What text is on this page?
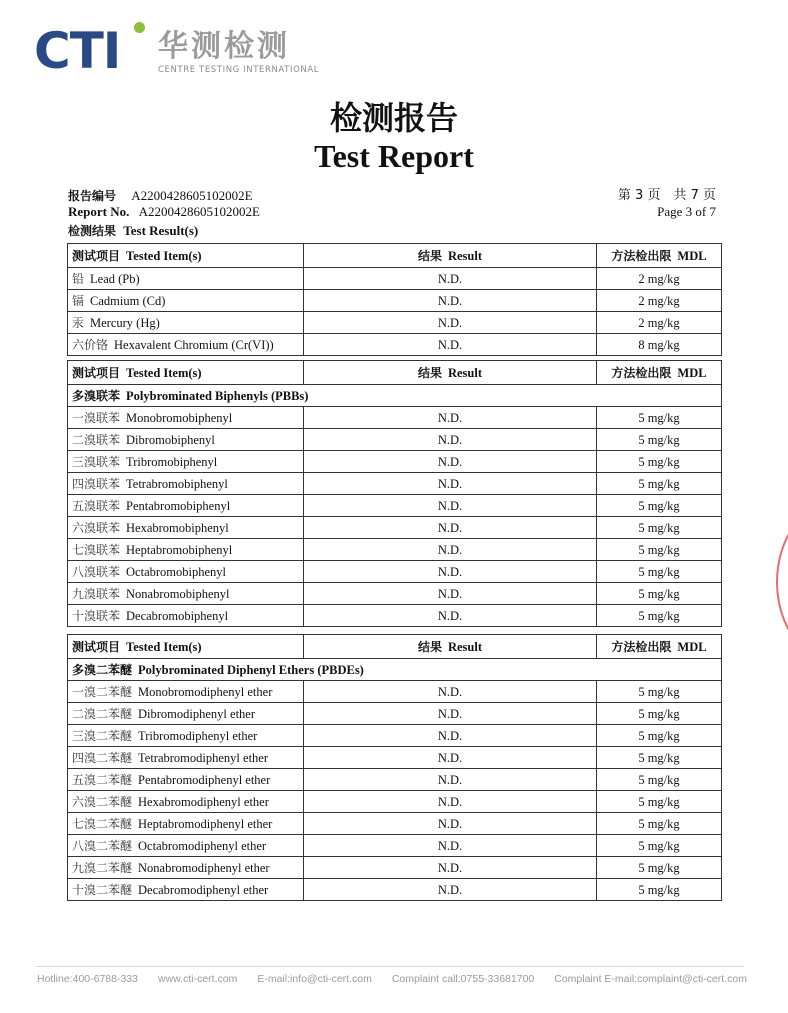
CTI 华测检测
CENTRE TESTING INTERNATIONAL
检测报告
Test Report
报告编号 A2200428605102002E
Report No. A2200428605102002E
第 3 页　共 7 页
Page 3 of 7
检测结果 Test Result(s)
测试项目 Tested Item(s)	结果 Result	方法检出限 MDL
铅 Lead (Pb)	N.D.	2 mg/kg
镉 Cadmium (Cd)	N.D.	2 mg/kg
汞 Mercury (Hg)	N.D.	2 mg/kg
六价铬 Hexavalent Chromium (Cr(VI))	N.D.	8 mg/kg
测试项目 Tested Item(s)	结果 Result	方法检出限 MDL
多溴联苯 Polybrominated Biphenyls (PBBs)		
一溴联苯 Monobromobiphenyl	N.D.	5 mg/kg
二溴联苯 Dibromobiphenyl	N.D.	5 mg/kg
三溴联苯 Tribromobiphenyl	N.D.	5 mg/kg
四溴联苯 Tetrabromobiphenyl	N.D.	5 mg/kg
五溴联苯 Pentabromobiphenyl	N.D.	5 mg/kg
六溴联苯 Hexabromobiphenyl	N.D.	5 mg/kg
七溴联苯 Heptabromobiphenyl	N.D.	5 mg/kg
八溴联苯 Octabromobiphenyl	N.D.	5 mg/kg
九溴联苯 Nonabromobiphenyl	N.D.	5 mg/kg
十溴联苯 Decabromobiphenyl	N.D.	5 mg/kg
测试项目 Tested Item(s)	结果 Result	方法检出限 MDL
多溴二苯醚 Polybrominated Diphenyl Ethers (PBDEs)		
一溴二苯醚 Monobromodiphenyl ether	N.D.	5 mg/kg
二溴二苯醚 Dibromodiphenyl ether	N.D.	5 mg/kg
三溴二苯醚 Tribromodiphenyl ether	N.D.	5 mg/kg
四溴二苯醚 Tetrabromodiphenyl ether	N.D.	5 mg/kg
五溴二苯醚 Pentabromodiphenyl ether	N.D.	5 mg/kg
六溴二苯醚 Hexabromodiphenyl ether	N.D.	5 mg/kg
七溴二苯醚 Heptabromodiphenyl ether	N.D.	5 mg/kg
八溴二苯醚 Octabromodiphenyl ether	N.D.	5 mg/kg
九溴二苯醚 Nonabromodiphenyl ether	N.D.	5 mg/kg
十溴二苯醚 Decabromodiphenyl ether	N.D.	5 mg/kg
Hotline:400-6788-333 www.cti-cert.com E-mail:info@cti-cert.com Complaint call:0755-33681700 Complaint E-mail:complaint@cti-cert.com
